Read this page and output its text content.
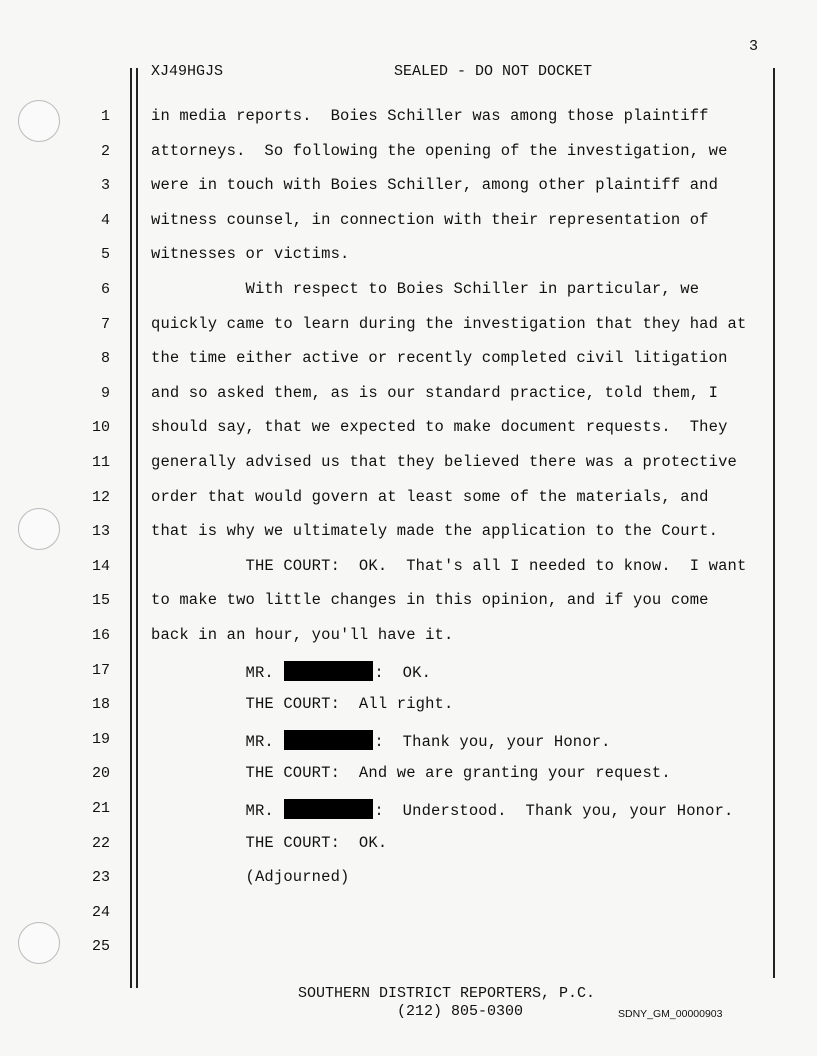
3
XJ49HGJS	SEALED - DO NOT DOCKET
1	in media reports.  Boies Schiller was among those plaintiff
2	attorneys.  So following the opening of the investigation, we
3	were in touch with Boies Schiller, among other plaintiff and
4	witness counsel, in connection with their representation of
5	witnesses or victims.
6	With respect to Boies Schiller in particular, we
7	quickly came to learn during the investigation that they had at
8	the time either active or recently completed civil litigation
9	and so asked them, as is our standard practice, told them, I
10	should say, that we expected to make document requests.  They
11	generally advised us that they believed there was a protective
12	order that would govern at least some of the materials, and
13	that is why we ultimately made the application to the Court.
14	THE COURT:  OK.  That's all I needed to know.  I want
15	to make two little changes in this opinion, and if you come
16	back in an hour, you'll have it.
17	MR.	:  OK.
18	THE COURT:  All right.
19	MR.	:  Thank you, your Honor.
20	THE COURT:  And we are granting your request.
21	MR.	:  Understood.  Thank you, your Honor.
22	THE COURT:  OK.
23	(Adjourned)
24
25
SOUTHERN DISTRICT REPORTERS, P.C.
(212) 805-0300	SDNY_GM_00000903
